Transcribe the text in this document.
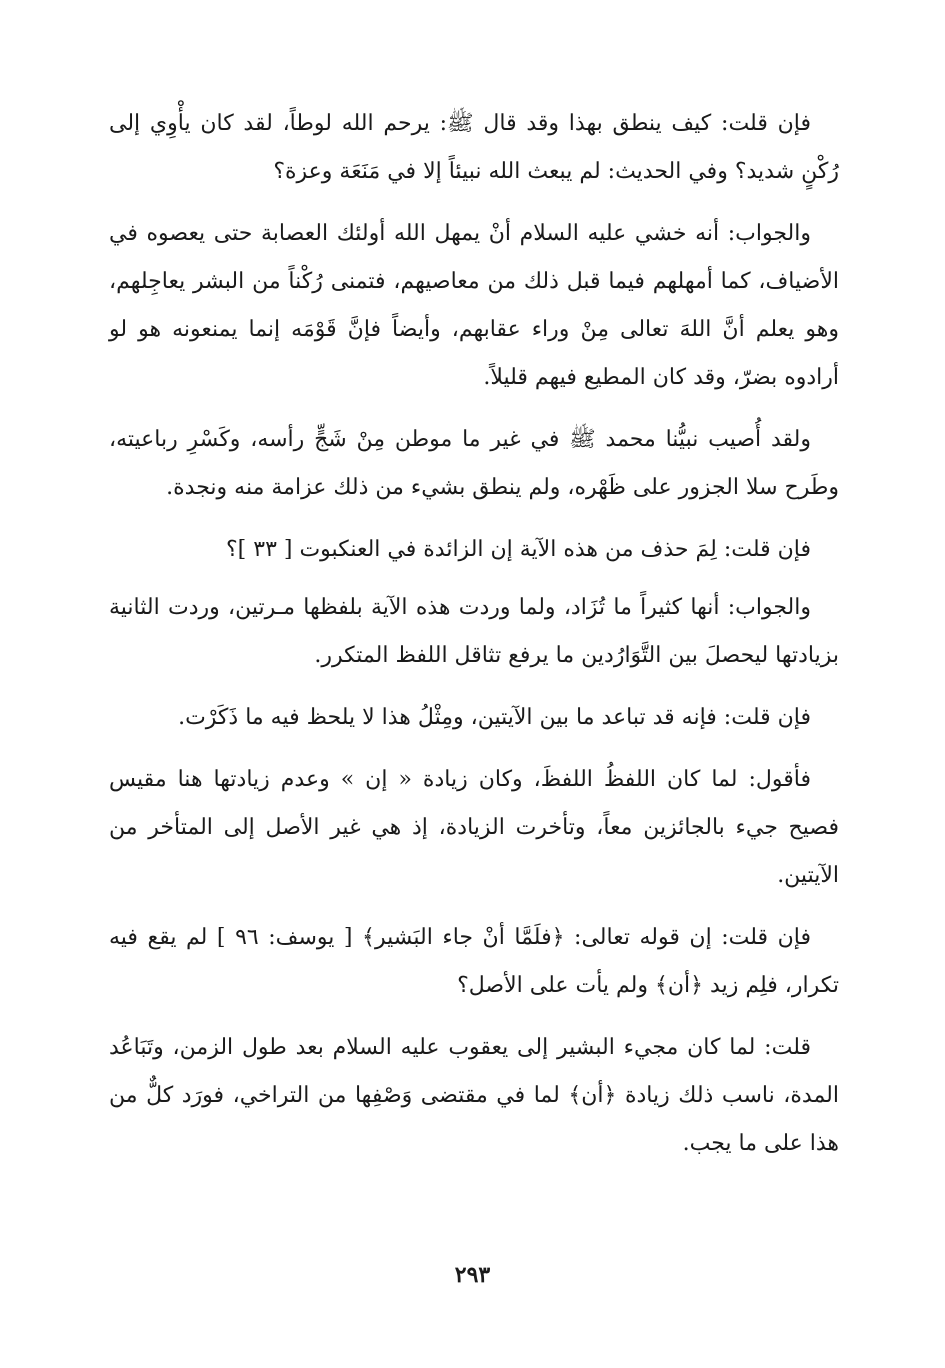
فإن قلت: كيف ينطق بهذا وقد قال ﷺ: يرحم الله لوطاً، لقد كان يأْوِي إلى رُكْنٍ شديد؟ وفي الحديث: لم يبعث الله نبيئاً إلا في مَنَعَة وعزة؟

والجواب: أنه خشي عليه السلام أنْ يمهل الله أولئك العصابة حتى يعصوه في الأضياف، كما أمهلهم فيما قبل ذلك من معاصيهم، فتمنى رُكْناً من البشر يعاجِلهم، وهو يعلم أنَّ اللهَ تعالى مِنْ وراء عقابهم، وأيضاً فإنَّ قَوْمَه إنما يمنعونه هو لو أرادوه بضرّ، وقد كان المطيع فيهم قليلاً.

ولقد أُصيب نبيُّنا محمد ﷺ في غير ما موطن مِنْ شَجٍّ رأسه، وكَسْرِ رباعيته، وطَرح سلا الجزور على ظَهْره، ولم ينطق بشيء من ذلك عزامة منه ونجدة.

فإن قلت: لِمَ حذف من هذه الآية إن الزائدة في العنكبوت [ ٣٣ ]؟

والجواب: أنها كثيراً ما تُزَاد، ولما وردت هذه الآية بلفظها مـرتين، وردت الثانية بزيادتها ليحصلَ بين التَّوَارُدين ما يرفع تثاقل اللفظ المتكرر.

فإن قلت: فإنه قد تباعد ما بين الآيتين، ومِثْلُ هذا لا يلحظ فيه ما ذَكَرْت.

فأقول: لما كان اللفظُ اللفظَ، وكان زيادة « إن » وعدم زيادتها هنا مقيس فصيح جيء بالجائزين معاً، وتأخرت الزيادة، إذ هي غير الأصل إلى المتأخر من الآيتين.

فإن قلت: إن قوله تعالى: ﴿فلَمَّا أنْ جاء البَشير﴾ [ يوسف: ٩٦ ] لم يقع فيه تكرار، فلِم زيد ﴿أن﴾ ولم يأت على الأصل؟

قلت: لما كان مجيء البشير إلى يعقوب عليه السلام بعد طول الزمن، وتَبَاعُد المدة، ناسب ذلك زيادة ﴿أن﴾ لما في مقتضى وَصْفِها من التراخي، فورَد كلٌّ من هذا على ما يجب.

٢٩٣
